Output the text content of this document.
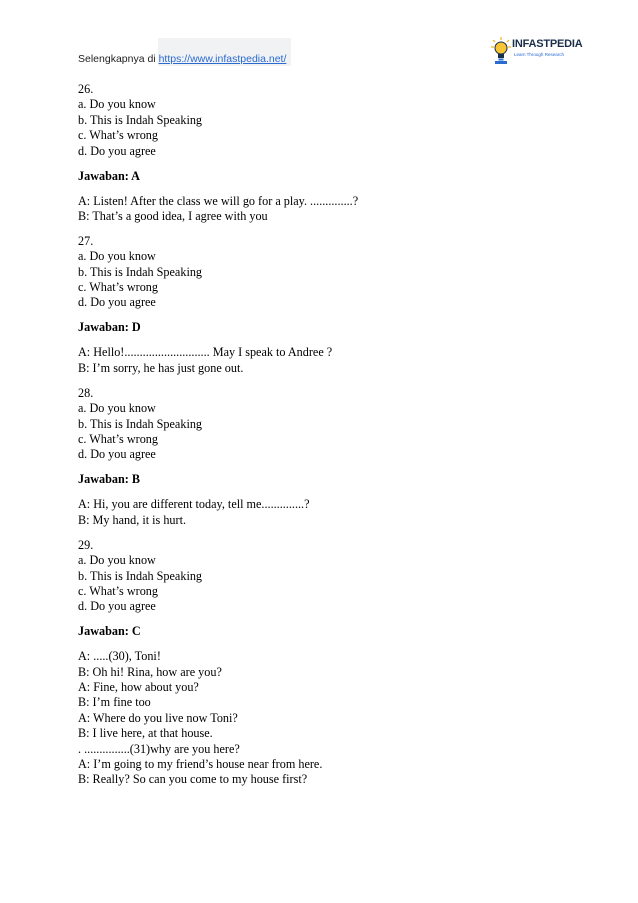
Selengkapnya di https://www.infastpedia.net/
INFASTPEDIA
Learn Through Research
26.
a. Do you know
b. This is Indah Speaking
c. What’s wrong
d. Do you agree
Jawaban: A
A: Listen! After the class we will go for a play. ..............?
B: That’s a good idea, I agree with you
27.
a. Do you know
b. This is Indah Speaking
c. What’s wrong
d. Do you agree
Jawaban: D
A: Hello!............................ May I speak to Andree ?
B: I’m sorry, he has just gone out.
28.
a. Do you know
b. This is Indah Speaking
c. What’s wrong
d. Do you agree
Jawaban: B
A: Hi, you are different today, tell me..............?
B: My hand, it is hurt.
29.
a. Do you know
b. This is Indah Speaking
c. What’s wrong
d. Do you agree
Jawaban: C
A: .....(30), Toni!
B: Oh hi! Rina, how are you?
A: Fine, how about you?
B: I’m fine too
A: Where do you live now Toni?
B: I live here, at that house.
. ...............(31)why are you here?
A: I’m going to my friend’s house near from here.
B: Really? So can you come to my house first?
